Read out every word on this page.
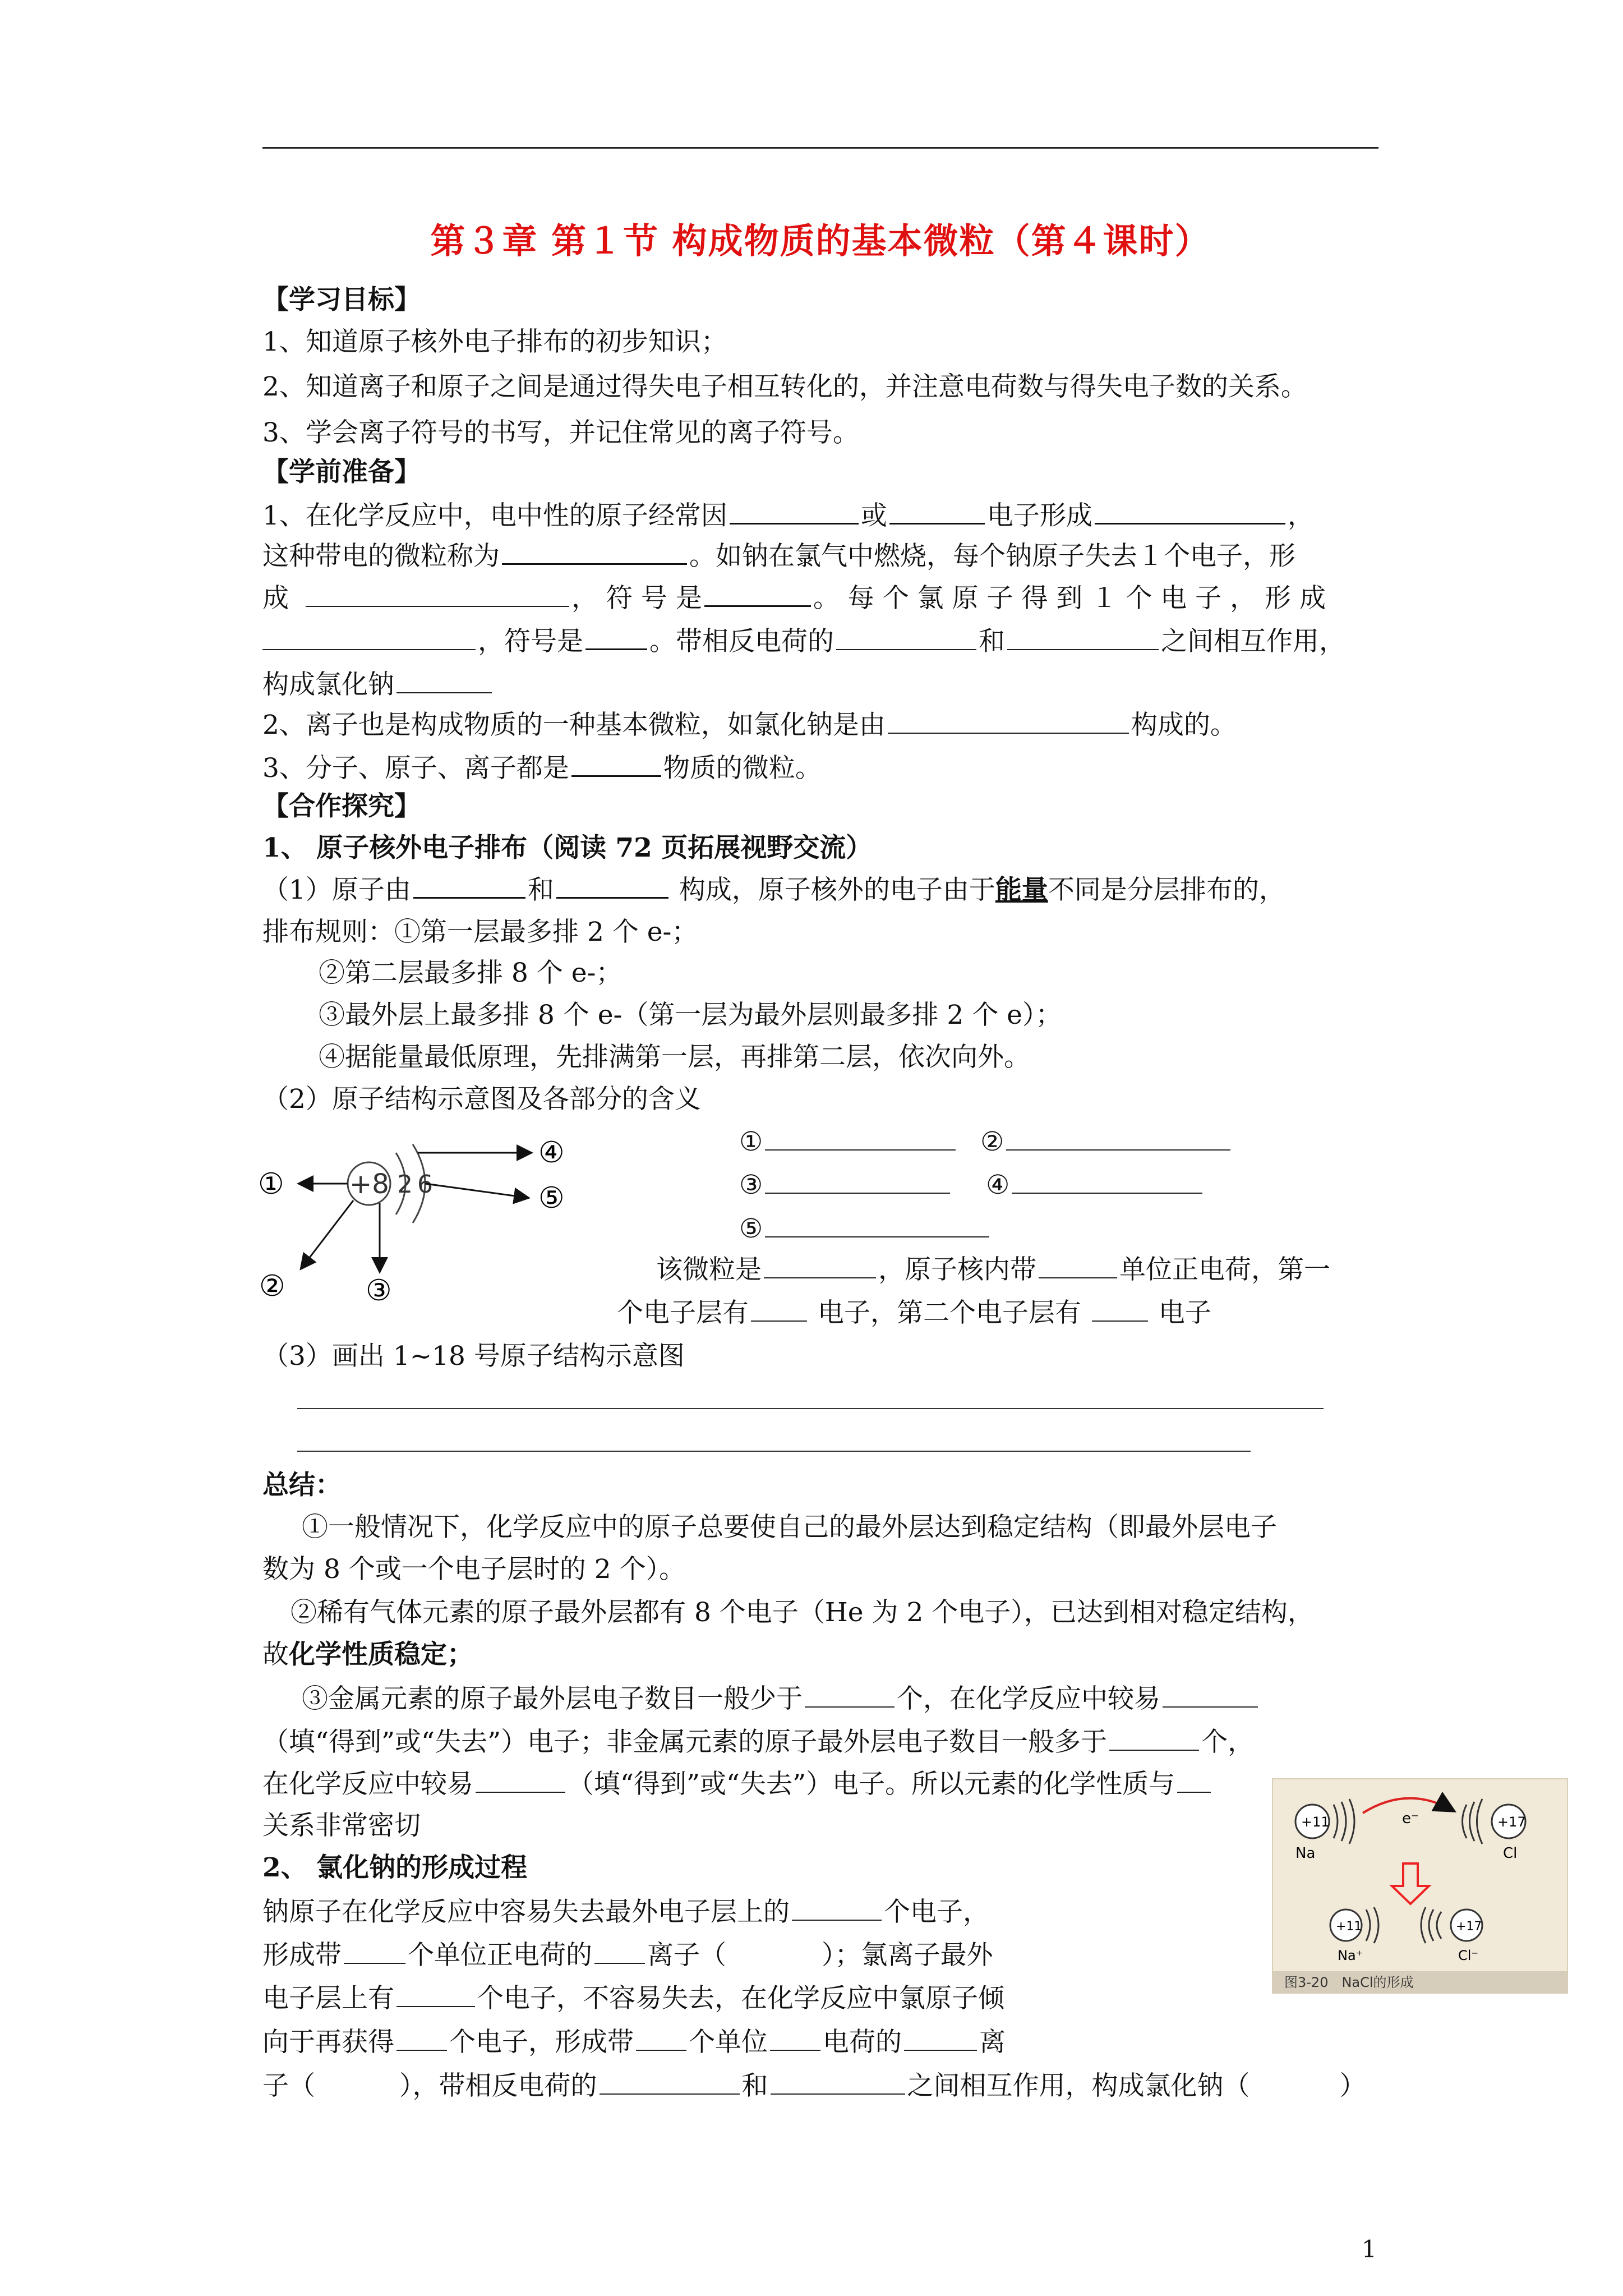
第３章 第１节 构成物质的基本微粒（第４课时）
【学习目标】
1、知道原子核外电子排布的初步知识；
2、知道离子和原子之间是通过得失电子相互转化的，并注意电荷数与得失电子数的关系。
3、学会离子符号的书写，并记住常见的离子符号。
【学前准备】
1、在化学反应中，电中性的原子经常因	或	电子形成	，
这种带电的微粒称为	。如钠在氯气中燃烧，每个钠原子失去１个电子，形
成	， 符 号 是	。 每 个 氯 原 子 得 到 １ 个 电 子 ， 形 成
，符号是	。带相反电荷的	和	之间相互作用，
构成氯化钠
2、离子也是构成物质的一种基本微粒，如氯化钠是由	构成的。
3、分子、原子、离子都是	物质的微粒。
【合作探究】
1、 原子核外电子排布（阅读 72 页拓展视野交流）
（1）原子由	和	构成，原子核外的电子由于能量不同是分层排布的，
排布规则：①第一层最多排 2 个 e-；
②第二层最多排 8 个 e-；
③最外层上最多排 8 个 e-（第一层为最外层则最多排 2 个 e）；
④据能量最低原理，先排满第一层，再排第二层，依次向外。
（2）原子结构示意图及各部分的含义
+8 2 6
①
②	③
④
⑤
①	②
③	④
⑤
该微粒是	，原子核内带	单位正电荷，第一
个电子层有 电子，第二个电子层有  电子
（3）画出 1~18 号原子结构示意图
总结：
①一般情况下，化学反应中的原子总要使自己的最外层达到稳定结构（即最外层电子
数为 8 个或一个电子层时的 2 个）。
②稀有气体元素的原子最外层都有 8 个电子（He 为 2 个电子），已达到相对稳定结构，
故化学性质稳定；
③金属元素的原子最外层电子数目一般少于	个，在化学反应中较易
（填“得到”或“失去”）电子；非金属元素的原子最外层电子数目一般多于	个，
在化学反应中较易	（填“得到”或“失去”）电子。所以元素的化学性质与
关系非常密切
2、 氯化钠的形成过程
钠原子在化学反应中容易失去最外电子层上的	个电子，
形成带	个单位正电荷的 离子（	）；氯离子最外
电子层上有	个电子，不容易失去，在化学反应中氯原子倾
向于再获得 个电子，形成带 个单位 电荷的	离
子（	），带相反电荷的	和	之间相互作用，构成氯化钠（	）
+11
Na
e⁻	+17
Cl
+11
Na⁺
+17
Cl⁻
图3-20　NaCl的形成
1
